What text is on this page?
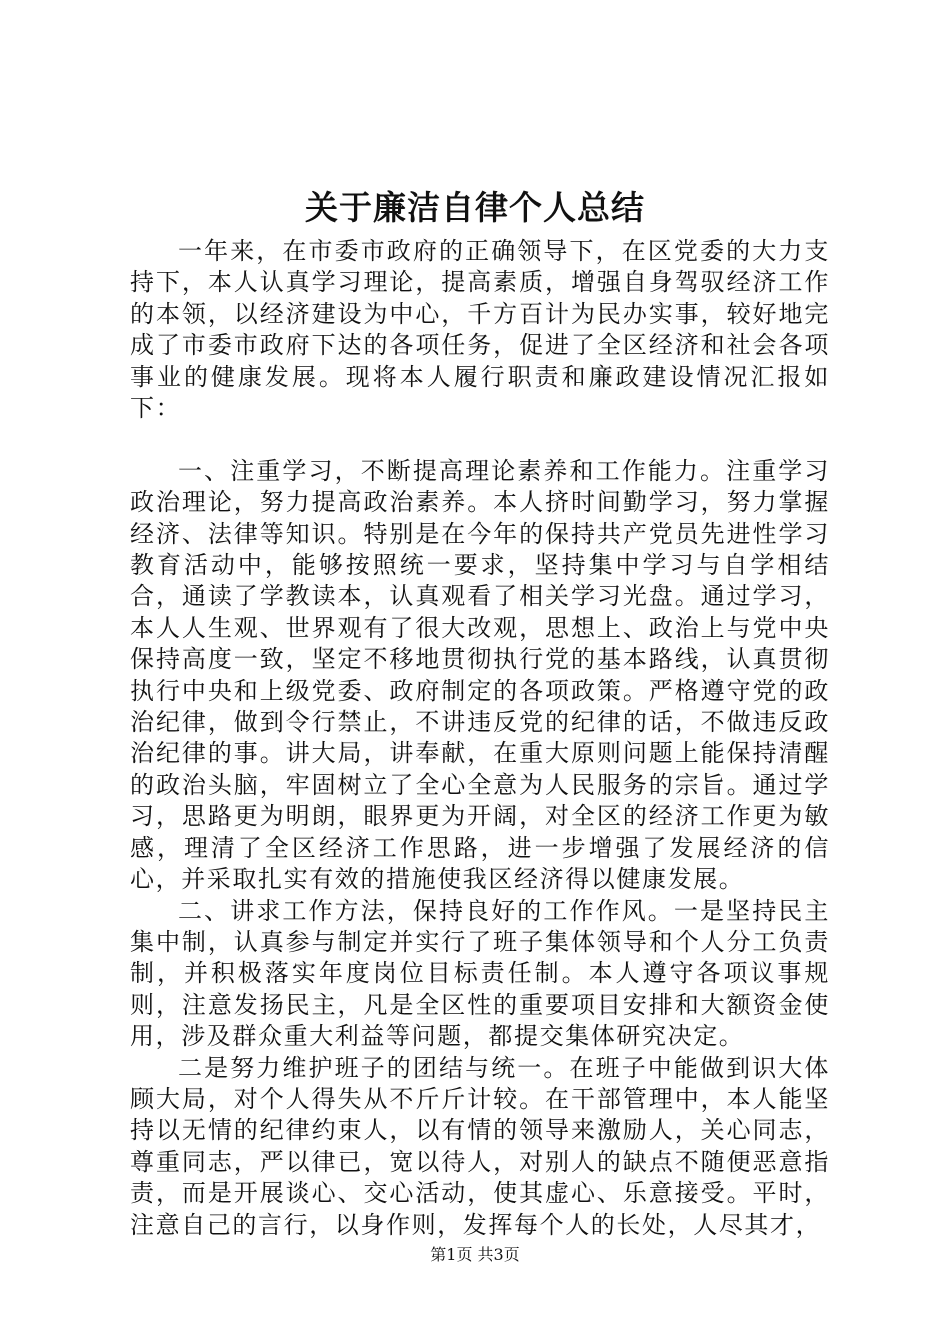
关于廉洁自律个人总结

一年来，在市委市政府的正确领导下，在区党委的大力支持下，本人认真学习理论，提高素质，增强自身驾驭经济工作的本领，以经济建设为中心，千方百计为民办实事，较好地完成了市委市政府下达的各项任务，促进了全区经济和社会各项事业的健康发展。现将本人履行职责和廉政建设情况汇报如下：

一、注重学习，不断提高理论素养和工作能力。注重学习政治理论，努力提高政治素养。本人挤时间勤学习，努力掌握经济、法律等知识。特别是在今年的保持共产党员先进性学习教育活动中，能够按照统一要求，坚持集中学习与自学相结合，通读了学教读本，认真观看了相关学习光盘。通过学习，本人人生观、世界观有了很大改观，思想上、政治上与党中央保持高度一致，坚定不移地贯彻执行党的基本路线，认真贯彻执行中央和上级党委、政府制定的各项政策。严格遵守党的政治纪律，做到令行禁止，不讲违反党的纪律的话，不做违反政治纪律的事。讲大局，讲奉献，在重大原则问题上能保持清醒的政治头脑，牢固树立了全心全意为人民服务的宗旨。通过学习，思路更为明朗，眼界更为开阔，对全区的经济工作更为敏感，理清了全区经济工作思路，进一步增强了发展经济的信心，并采取扎实有效的措施使我区经济得以健康发展。

二、讲求工作方法，保持良好的工作作风。一是坚持民主集中制，认真参与制定并实行了班子集体领导和个人分工负责制，并积极落实年度岗位目标责任制。本人遵守各项议事规则，注意发扬民主，凡是全区性的重要项目安排和大额资金使用，涉及群众重大利益等问题，都提交集体研究决定。

二是努力维护班子的团结与统一。在班子中能做到识大体顾大局，对个人得失从不斤斤计较。在干部管理中，本人能坚持以无情的纪律约束人，以有情的领导来激励人，关心同志，尊重同志，严以律已，宽以待人，对别人的缺点不随便恶意指责，而是开展谈心、交心活动，使其虚心、乐意接受。平时，注意自己的言行，以身作则，发挥每个人的长处，人尽其才，

第1页 共3页
